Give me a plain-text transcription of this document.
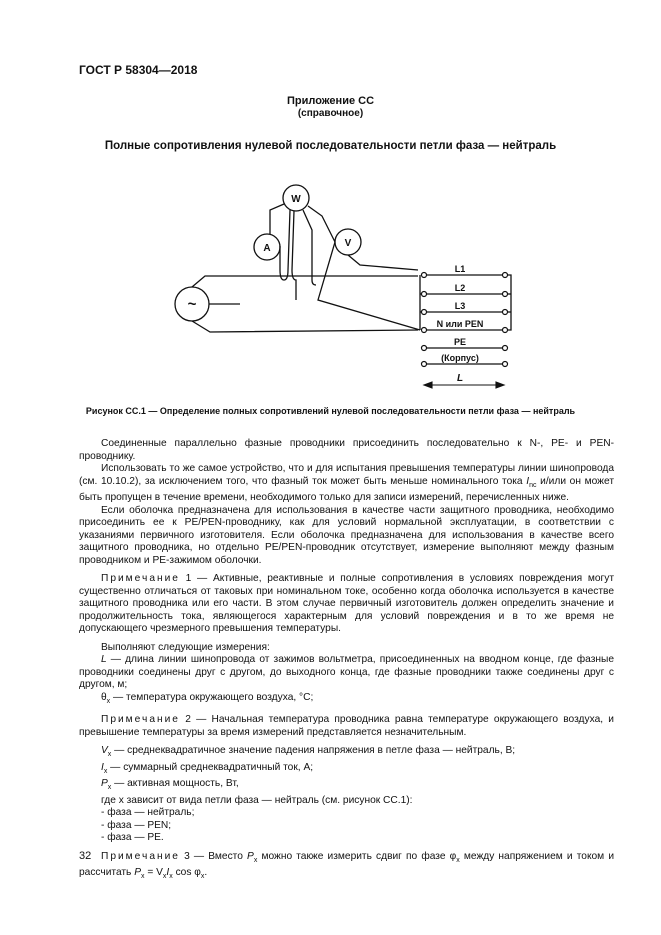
ГОСТ Р 58304—2018
Приложение СС
(справочное)
Полные сопротивления нулевой последовательности петли фаза — нейтраль
W
A	V
~
L1
L2
L3
N или PEN
PE
(Корпус)
L
Рисунок СС.1 — Определение полных сопротивлений нулевой последовательности петли фаза — нейтраль

Соединенные параллельно фазные проводники присоединить последовательно к N-, PE- и PEN-проводнику.

Использовать то же самое устройство, что и для испытания превышения температуры линии шинопровода (см. 10.10.2), за исключением того, что фазный ток может быть меньше номинального тока $I_{nc}$ и/или он может быть пропущен в течение времени, необходимого только для записи измерений, перечисленных ниже.

Если оболочка предназначена для использования в качестве части защитного проводника, необходимо присоединить ее к PE/PEN-проводнику, как для условий нормальной эксплуатации, в соответствии с указаниями первичного изготовителя. Если оболочка предназначена для использования в качестве всего защитного проводника, но отдельно PE/PEN-проводник отсутствует, измерение выполняют между фазным проводником и PE-зажимом оболочки.

Примечание 1 — Активные, реактивные и полные сопротивления в условиях повреждения могут существенно отличаться от таковых при номинальном токе, особенно когда оболочка используется в качестве защитного проводника или его части. В этом случае первичный изготовитель должен определить значение и продолжительность тока, являющегося характерным для условий повреждения и в то же время не допускающего чрезмерного превышения температуры.

Выполняют следующие измерения:

L — длина линии шинопровода от зажимов вольтметра, присоединенных на вводном конце, где фазные проводники соединены друг с другом, до выходного конца, где фазные проводники также соединены друг с другом, м;

$\theta_x$ — температура окружающего воздуха, °С;

Примечание 2 — Начальная температура проводника равна температуре окружающего воздуха, и превышение температуры за время измерений представляется незначительным.

$V_x$ — среднеквадратичное значение падения напряжения в петле фаза — нейтраль, В;

$I_x$ — суммарный среднеквадратичный ток, А;

$P_x$ — активная мощность, Вт,

где x зависит от вида петли фаза — нейтраль (см. рисунок СС.1):

- фаза — нейтраль;

- фаза — PEN;

- фаза — PE.

Примечание 3 — Вместо $P_x$ можно также измерить сдвиг по фазе $\varphi_x$ между напряжением и током и рассчитать $P_x = V_xI_x$ $\cos \varphi_x$.

32
